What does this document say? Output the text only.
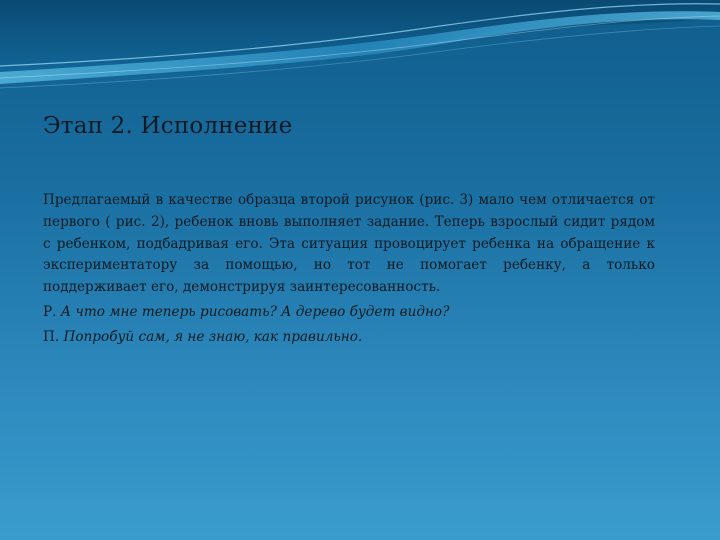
Этап 2. Исполнение

Предлагаемый в качестве образца второй рисунок (рис. 3) мало чем отличается от первого ( рис. 2), ребенок вновь выполняет задание. Теперь взрослый сидит рядом с ребенком, подбадривая его. Эта ситуация провоцирует ребенка на обращение к экспериментатору за помощью, но тот не помогает ребенку, а только поддерживает его, демонстрируя заинтересованность.

Р. А что мне теперь рисовать? А дерево будет видно?

П. Попробуй сам, я не знаю, как правильно.
